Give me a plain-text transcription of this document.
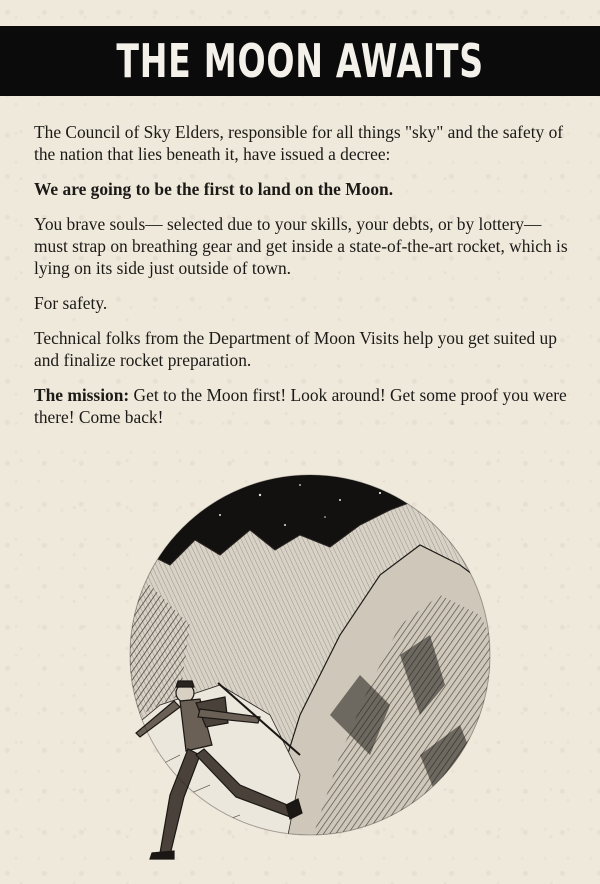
THE MOON AWAITS

The Council of Sky Elders, responsible for all things "sky" and the safety of the nation that lies beneath it, have issued a decree:

We are going to be the first to land on the Moon.

You brave souls— selected due to your skills, your debts, or by lottery— must strap on breathing gear and get inside a state-of-the-art rocket, which is lying on its side just outside of town.

For safety.

Technical folks from the Department of Moon Visits help you get suited up and finalize rocket preparation.

The mission: Get to the Moon first! Look around! Get some proof you were there! Come back!
